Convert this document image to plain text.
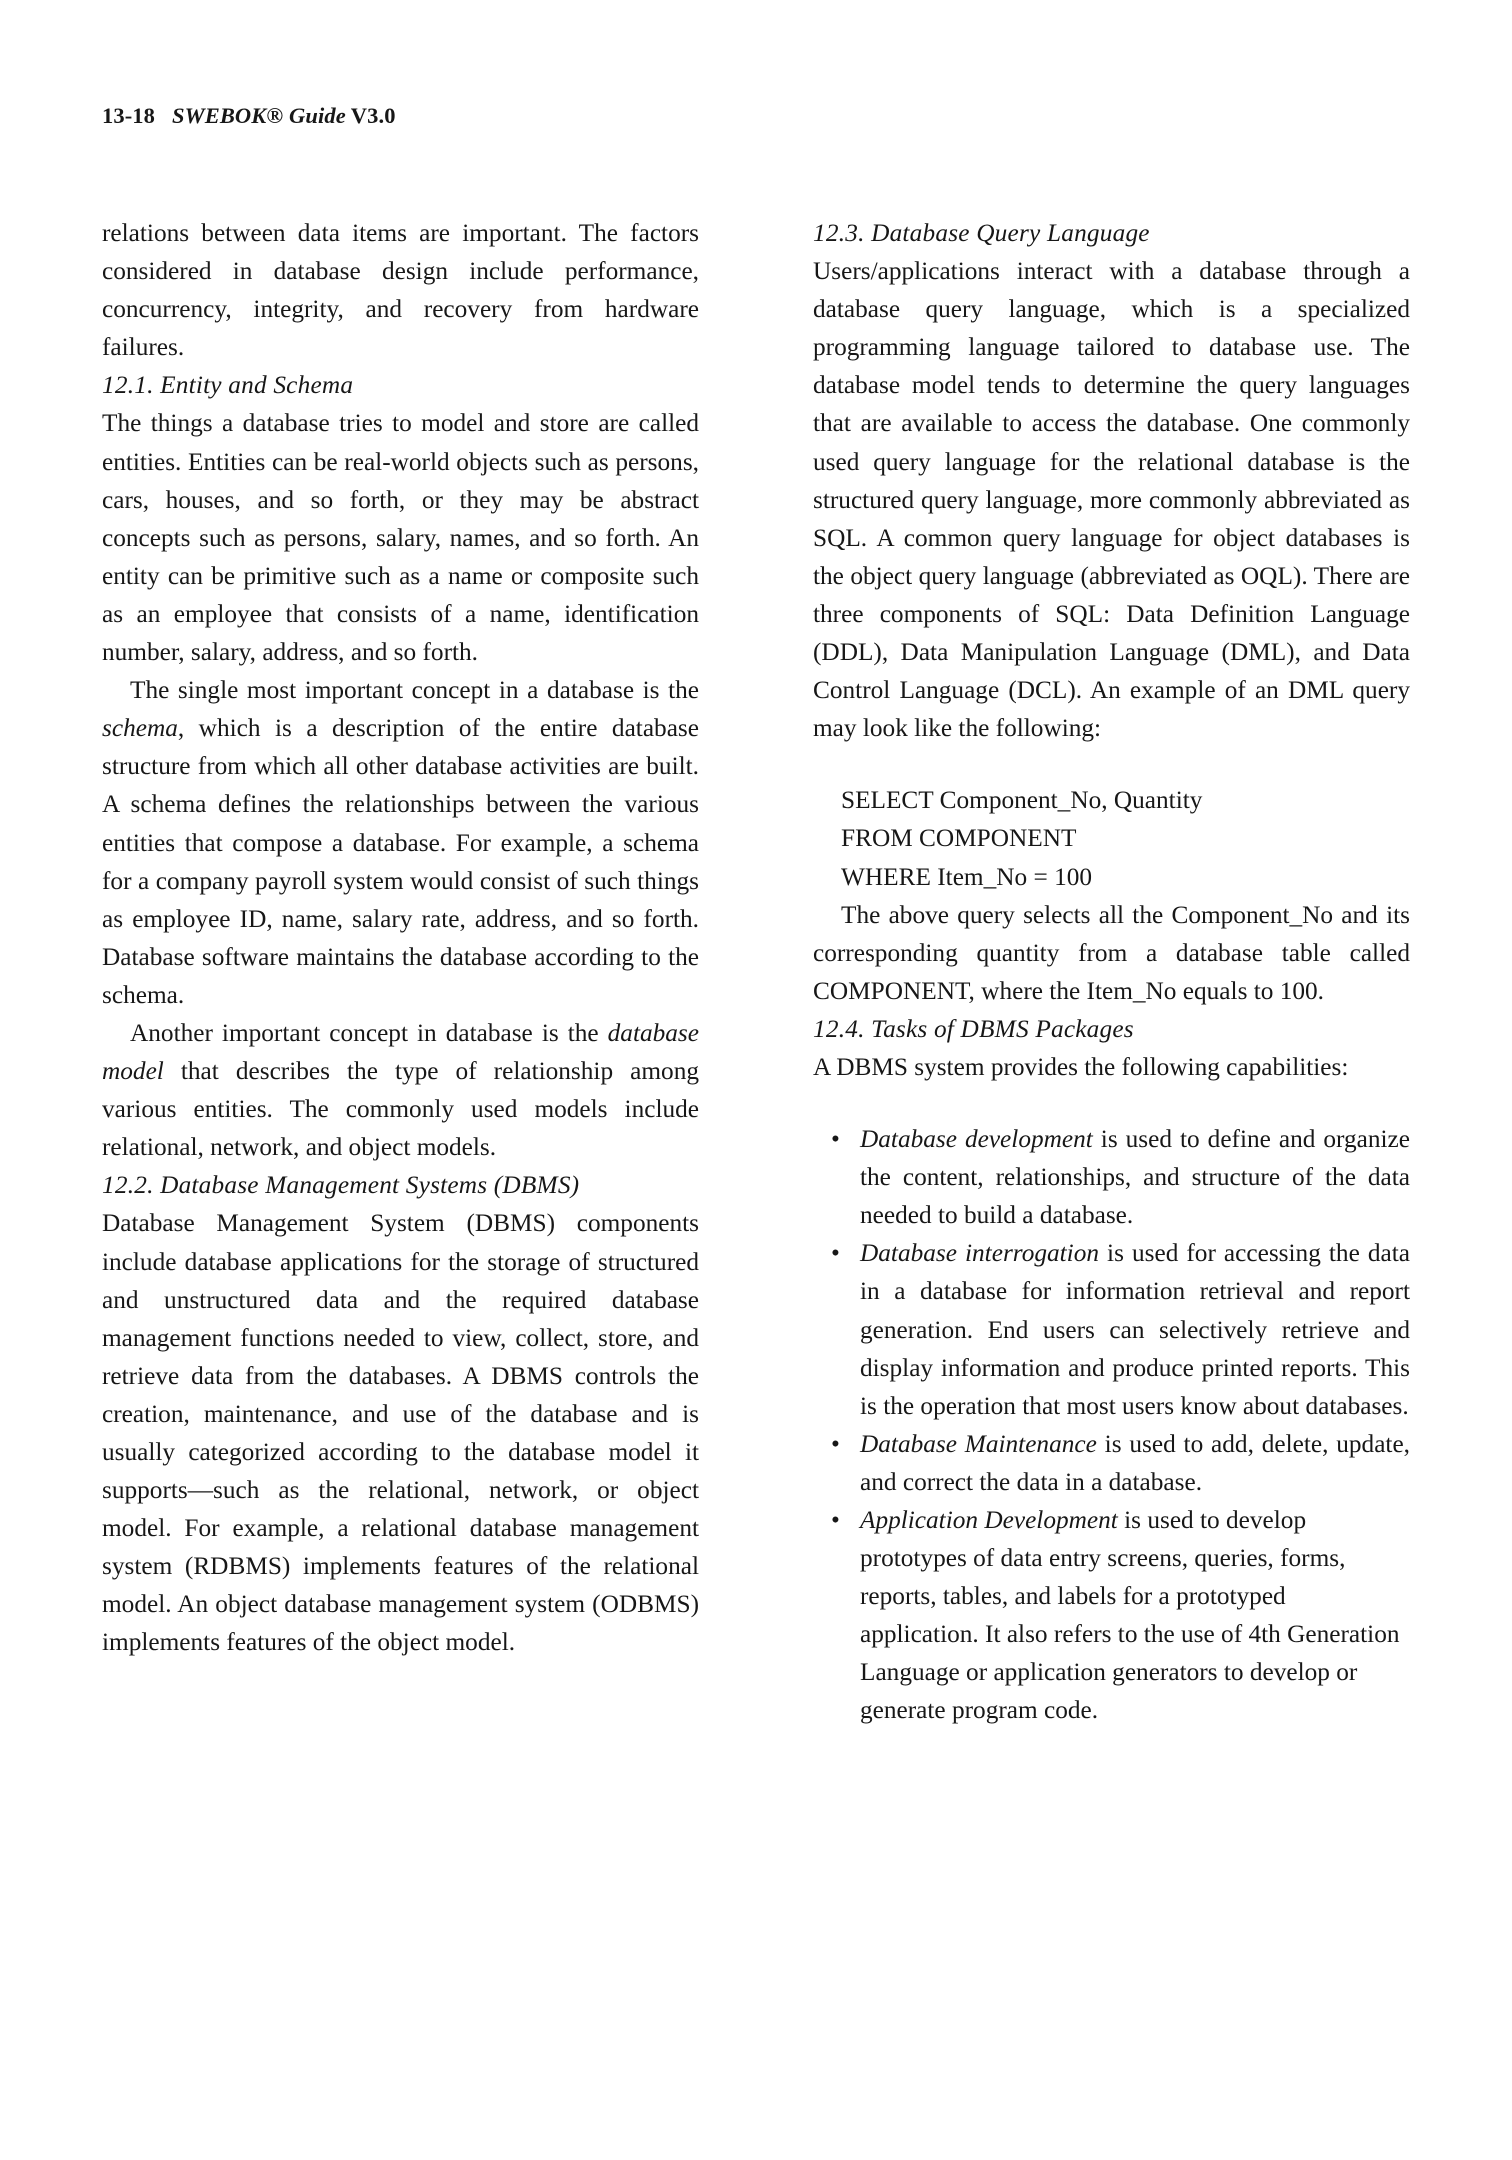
13-18 SWEBOK® Guide V3.0

relations between data items are important. The factors considered in database design include performance, concurrency, integrity, and recovery from hardware failures.

12.1. Entity and Schema

The things a database tries to model and store are called entities. Entities can be real-world objects such as persons, cars, houses, and so forth, or they may be abstract concepts such as persons, salary, names, and so forth. An entity can be primitive such as a name or composite such as an employee that consists of a name, identification number, salary, address, and so forth.

The single most important concept in a database is the schema, which is a description of the entire database structure from which all other database activities are built. A schema defines the relationships between the various entities that compose a database. For example, a schema for a company payroll system would consist of such things as employee ID, name, salary rate, address, and so forth. Database software maintains the database according to the schema.

Another important concept in database is the database model that describes the type of relationship among various entities. The commonly used models include relational, network, and object models.

12.2. Database Management Systems (DBMS)

Database Management System (DBMS) components include database applications for the storage of structured and unstructured data and the required database management functions needed to view, collect, store, and retrieve data from the databases. A DBMS controls the creation, maintenance, and use of the database and is usually categorized according to the database model it supports—such as the relational, network, or object model. For example, a relational database management system (RDBMS) implements features of the relational model. An object database management system (ODBMS) implements features of the object model.

12.3. Database Query Language

Users/applications interact with a database through a database query language, which is a specialized programming language tailored to database use. The database model tends to determine the query languages that are available to access the database. One commonly used query language for the relational database is the structured query language, more commonly abbreviated as SQL. A common query language for object databases is the object query language (abbreviated as OQL). There are three components of SQL: Data Definition Language (DDL), Data Manipulation Language (DML), and Data Control Language (DCL). An example of an DML query may look like the following:

SELECT Component_No, Quantity
FROM COMPONENT
WHERE Item_No = 100

The above query selects all the Component_No and its corresponding quantity from a database table called COMPONENT, where the Item_No equals to 100.

12.4. Tasks of DBMS Packages

A DBMS system provides the following capabilities:

• Database development is used to define and organize the content, relationships, and structure of the data needed to build a database.
• Database interrogation is used for accessing the data in a database for information retrieval and report generation. End users can selectively retrieve and display information and produce printed reports. This is the operation that most users know about databases.
• Database Maintenance is used to add, delete, update, and correct the data in a database.
• Application Development is used to develop prototypes of data entry screens, queries, forms, reports, tables, and labels for a prototyped application. It also refers to the use of 4th Generation Language or application generators to develop or generate program code.
